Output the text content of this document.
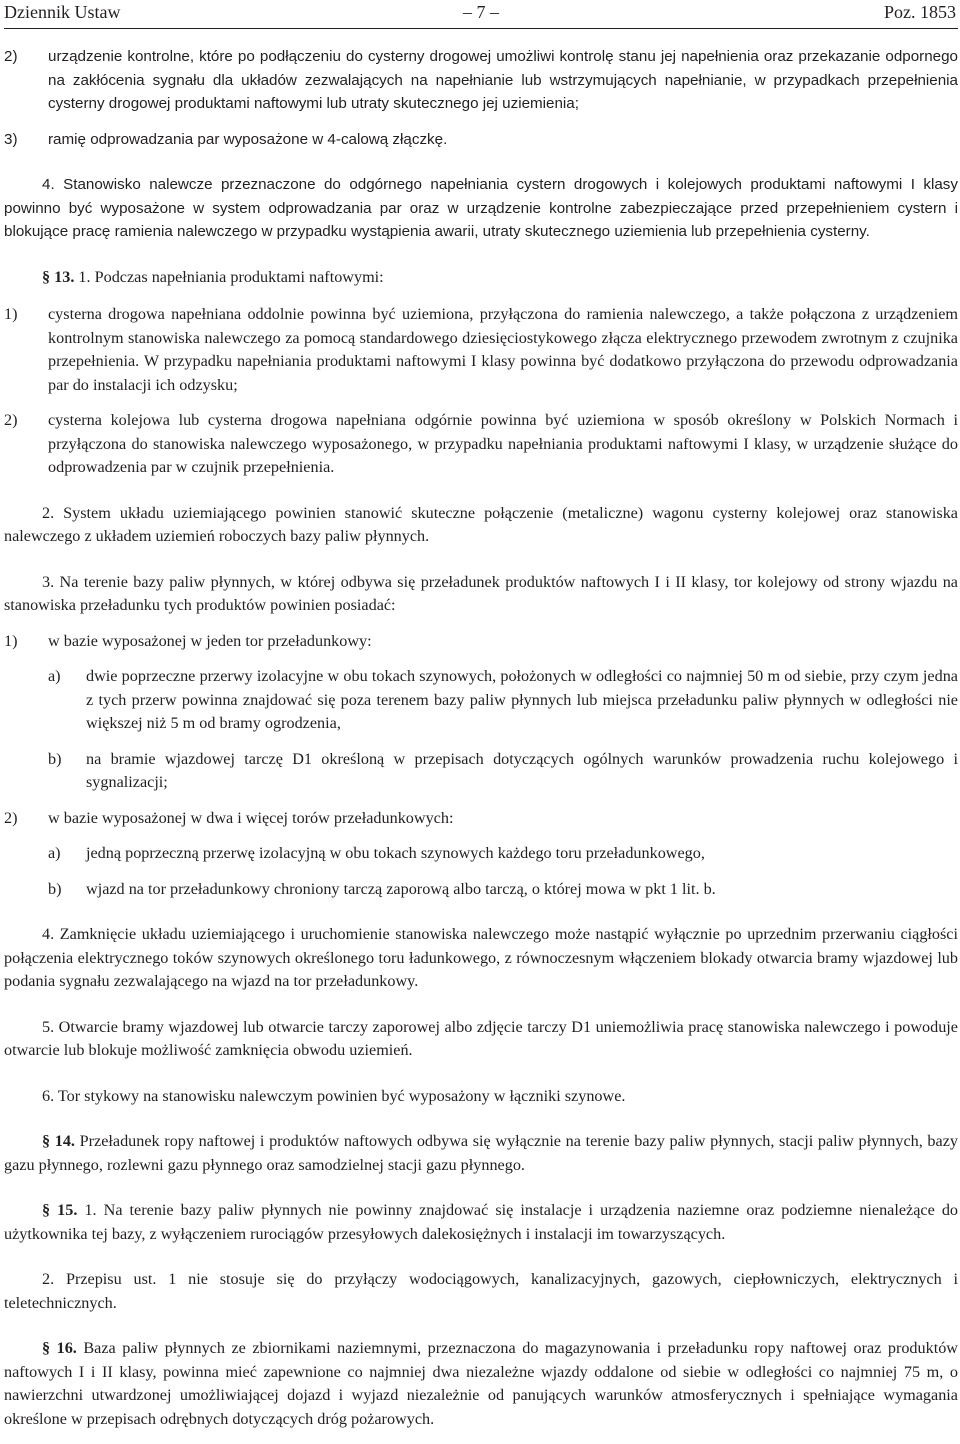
Dziennik Ustaw	– 7 –	Poz. 1853
2) urządzenie kontrolne, które po podłączeniu do cysterny drogowej umożliwi kontrolę stanu jej napełnienia oraz przekazanie odpornego na zakłócenia sygnału dla układów zezwalających na napełnianie lub wstrzymujących napełnianie, w przypadkach przepełnienia cysterny drogowej produktami naftowymi lub utraty skutecznego jej uziemienia;
3) ramię odprowadzania par wyposażone w 4-calową złączkę.

4. Stanowisko nalewcze przeznaczone do odgórnego napełniania cystern drogowych i kolejowych produktami naftowymi I klasy powinno być wyposażone w system odprowadzania par oraz w urządzenie kontrolne zabezpieczające przed przepełnieniem cystern i blokujące pracę ramienia nalewczego w przypadku wystąpienia awarii, utraty skutecznego uziemienia lub przepełnienia cysterny.

§ 13. 1. Podczas napełniania produktami naftowymi:

1) cysterna drogowa napełniana oddolnie powinna być uziemiona, przyłączona do ramienia nalewczego, a także połączona z urządzeniem kontrolnym stanowiska nalewczego za pomocą standardowego dziesięciostykowego złącza elektrycznego przewodem zwrotnym z czujnika przepełnienia. W przypadku napełniania produktami naftowymi I klasy powinna być dodatkowo przyłączona do przewodu odprowadzania par do instalacji ich odzysku;
2) cysterna kolejowa lub cysterna drogowa napełniana odgórnie powinna być uziemiona w sposób określony w Polskich Normach i przyłączona do stanowiska nalewczego wyposażonego, w przypadku napełniania produktami naftowymi I klasy, w urządzenie służące do odprowadzenia par w czujnik przepełnienia.

2. System układu uziemiającego powinien stanowić skuteczne połączenie (metaliczne) wagonu cysterny kolejowej oraz stanowiska nalewczego z układem uziemień roboczych bazy paliw płynnych.

3. Na terenie bazy paliw płynnych, w której odbywa się przeładunek produktów naftowych I i II klasy, tor kolejowy od strony wjazdu na stanowiska przeładunku tych produktów powinien posiadać:

1) w bazie wyposażonej w jeden tor przeładunkowy:
a) dwie poprzeczne przerwy izolacyjne w obu tokach szynowych, położonych w odległości co najmniej 50 m od siebie, przy czym jedna z tych przerw powinna znajdować się poza terenem bazy paliw płynnych lub miejsca przeładunku paliw płynnych w odległości nie większej niż 5 m od bramy ogrodzenia,
b) na bramie wjazdowej tarczę D1 określoną w przepisach dotyczących ogólnych warunków prowadzenia ruchu kolejowego i sygnalizacji;
2) w bazie wyposażonej w dwa i więcej torów przeładunkowych:
a) jedną poprzeczną przerwę izolacyjną w obu tokach szynowych każdego toru przeładunkowego,
b) wjazd na tor przeładunkowy chroniony tarczą zaporową albo tarczą, o której mowa w pkt 1 lit. b.

4. Zamknięcie układu uziemiającego i uruchomienie stanowiska nalewczego może nastąpić wyłącznie po uprzednim przerwaniu ciągłości połączenia elektrycznego toków szynowych określonego toru ładunkowego, z równoczesnym włączeniem blokady otwarcia bramy wjazdowej lub podania sygnału zezwalającego na wjazd na tor przeładunkowy.

5. Otwarcie bramy wjazdowej lub otwarcie tarczy zaporowej albo zdjęcie tarczy D1 uniemożliwia pracę stanowiska nalewczego i powoduje otwarcie lub blokuje możliwość zamknięcia obwodu uziemień.

6. Tor stykowy na stanowisku nalewczym powinien być wyposażony w łączniki szynowe.

§ 14. Przeładunek ropy naftowej i produktów naftowych odbywa się wyłącznie na terenie bazy paliw płynnych, stacji paliw płynnych, bazy gazu płynnego, rozlewni gazu płynnego oraz samodzielnej stacji gazu płynnego.

§ 15. 1. Na terenie bazy paliw płynnych nie powinny znajdować się instalacje i urządzenia naziemne oraz podziemne nienależące do użytkownika tej bazy, z wyłączeniem rurociągów przesyłowych dalekosiężnych i instalacji im towarzyszących.

2. Przepisu ust. 1 nie stosuje się do przyłączy wodociągowych, kanalizacyjnych, gazowych, ciepłowniczych, elektrycznych i teletechnicznych.

§ 16. Baza paliw płynnych ze zbiornikami naziemnymi, przeznaczona do magazynowania i przeładunku ropy naftowej oraz produktów naftowych I i II klasy, powinna mieć zapewnione co najmniej dwa niezależne wjazdy oddalone od siebie w odległości co najmniej 75 m, o nawierzchni utwardzonej umożliwiającej dojazd i wyjazd niezależnie od panujących warunków atmosferycznych i spełniające wymagania określone w przepisach odrębnych dotyczących dróg pożarowych.
